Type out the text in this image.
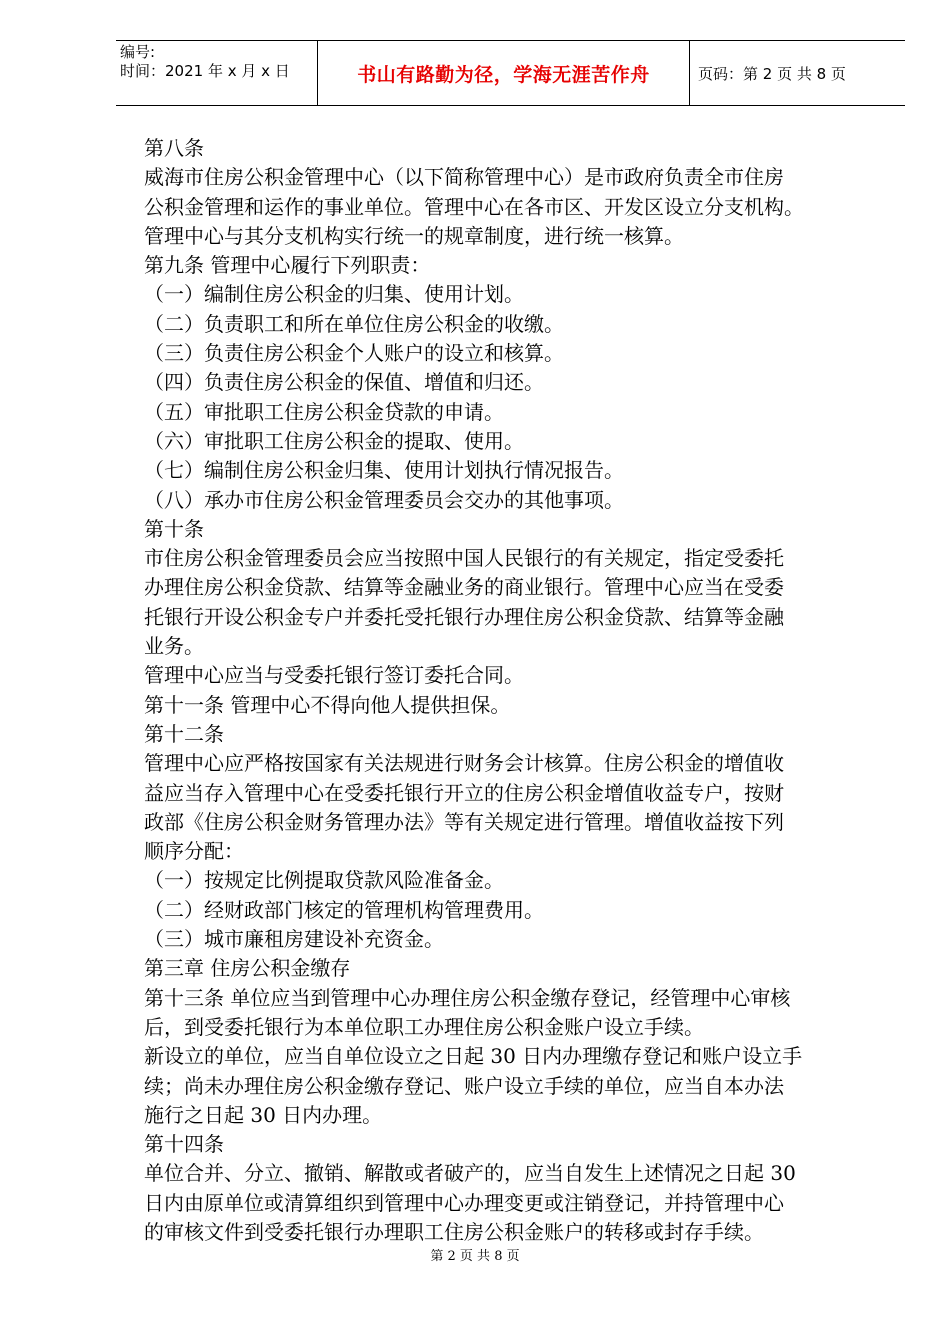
编号:
时间：2021 年 x 月 x 日	书山有路勤为径，学海无涯苦作舟	页码：第 2 页 共 8 页
第八条
威海市住房公积金管理中心（以下简称管理中心）是市政府负责全市住房
公积金管理和运作的事业单位。管理中心在各市区、开发区设立分支机构。
管理中心与其分支机构实行统一的规章制度，进行统一核算。
第九条 管理中心履行下列职责：
（一）编制住房公积金的归集、使用计划。
（二）负责职工和所在单位住房公积金的收缴。
（三）负责住房公积金个人账户的设立和核算。
（四）负责住房公积金的保值、增值和归还。
（五）审批职工住房公积金贷款的申请。
（六）审批职工住房公积金的提取、使用。
（七）编制住房公积金归集、使用计划执行情况报告。
（八）承办市住房公积金管理委员会交办的其他事项。
第十条
市住房公积金管理委员会应当按照中国人民银行的有关规定，指定受委托
办理住房公积金贷款、结算等金融业务的商业银行。管理中心应当在受委
托银行开设公积金专户并委托受托银行办理住房公积金贷款、结算等金融
业务。
管理中心应当与受委托银行签订委托合同。
第十一条 管理中心不得向他人提供担保。
第十二条
管理中心应严格按国家有关法规进行财务会计核算。住房公积金的增值收
益应当存入管理中心在受委托银行开立的住房公积金增值收益专户，按财
政部《住房公积金财务管理办法》等有关规定进行管理。增值收益按下列
顺序分配：
（一）按规定比例提取贷款风险准备金。
（二）经财政部门核定的管理机构管理费用。
（三）城市廉租房建设补充资金。
第三章 住房公积金缴存
第十三条 单位应当到管理中心办理住房公积金缴存登记，经管理中心审核
后，到受委托银行为本单位职工办理住房公积金账户设立手续。
新设立的单位，应当自单位设立之日起 30 日内办理缴存登记和账户设立手
续；尚未办理住房公积金缴存登记、账户设立手续的单位，应当自本办法
施行之日起 30 日内办理。
第十四条
单位合并、分立、撤销、解散或者破产的，应当自发生上述情况之日起 30
日内由原单位或清算组织到管理中心办理变更或注销登记，并持管理中心
的审核文件到受委托银行办理职工住房公积金账户的转移或封存手续。
第 2 页 共 8 页
